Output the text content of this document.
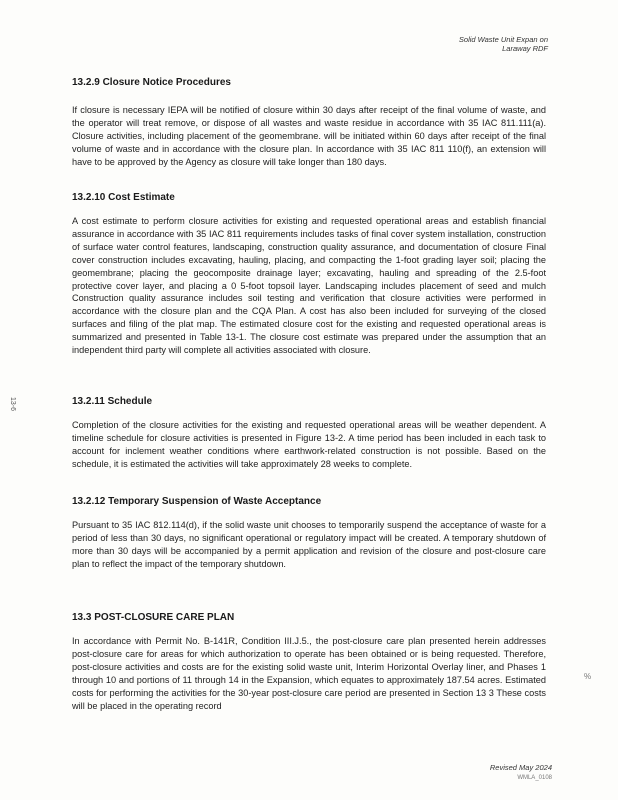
Solid Waste Unit Expan on
Laraway RDF
13-6
13.2.9 Closure Notice Procedures

If closure is necessary IEPA will be notified of closure within 30 days after receipt of the final volume of waste, and the operator will treat remove, or dispose of all wastes and waste residue in accordance with 35 IAC 811.111(a). Closure activities, including placement of the geomembrane. will be initiated within 60 days after receipt of the final volume of waste and in accordance with the closure plan. In accordance with 35 IAC 811 110(f), an extension will have to be approved by the Agency as closure will take longer than 180 days.

13.2.10 Cost Estimate

A cost estimate to perform closure activities for existing and requested operational areas and establish financial assurance in accordance with 35 IAC 811 requirements includes tasks of final cover system installation, construction of surface water control features, landscaping, construction quality assurance, and documentation of closure Final cover construction includes excavating, hauling, placing, and compacting the 1-foot grading layer soil; placing the geomembrane; placing the geocomposite drainage layer; excavating, hauling and spreading of the 2.5-foot protective cover layer, and placing a 0 5-foot topsoil layer. Landscaping includes placement of seed and mulch Construction quality assurance includes soil testing and verification that closure activities were performed in accordance with the closure plan and the CQA Plan. A cost has also been included for surveying of the closed surfaces and filing of the plat map. The estimated closure cost for the existing and requested operational areas is summarized and presented in Table 13-1. The closure cost estimate was prepared under the assumption that an independent third party will complete all activities associated with closure.

13.2.11 Schedule

Completion of the closure activities for the existing and requested operational areas will be weather dependent. A timeline schedule for closure activities is presented in Figure 13-2. A time period has been included in each task to account for inclement weather conditions where earthwork-related construction is not possible. Based on the schedule, it is estimated the activities will take approximately 28 weeks to complete.

13.2.12 Temporary Suspension of Waste Acceptance

Pursuant to 35 IAC 812.114(d), if the solid waste unit chooses to temporarily suspend the acceptance of waste for a period of less than 30 days, no significant operational or regulatory impact will be created. A temporary shutdown of more than 30 days will be accompanied by a permit application and revision of the closure and post-closure care plan to reflect the impact of the temporary shutdown.

13.3 POST-CLOSURE CARE PLAN

In accordance with Permit No. B-141R, Condition III.J.5., the post-closure care plan presented herein addresses post-closure care for areas for which authorization to operate has been obtained or is being requested. Therefore, post-closure activities and costs are for the existing solid waste unit, Interim Horizontal Overlay liner, and Phases 1 through 10 and portions of 11 through 14 in the Expansion, which equates to approximately 187.54 acres. Estimated costs for performing the activities for the 30-year post-closure care period are presented in Section 13 3 These costs will be placed in the operating record

%
Revised May 2024
WMLA_0108
